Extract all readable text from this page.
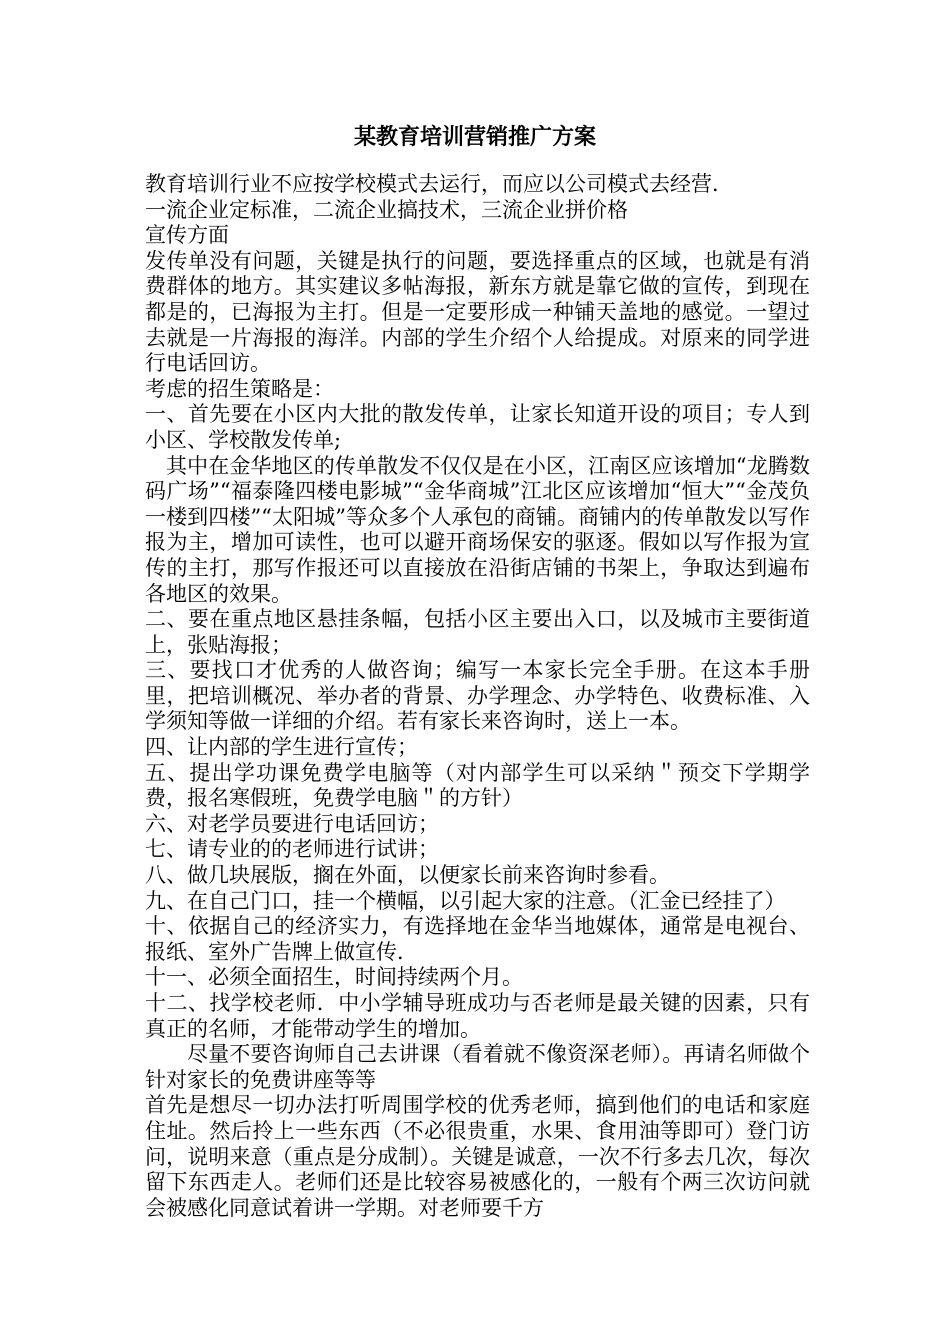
某教育培训营销推广方案

教育培训行业不应按学校模式去运行，而应以公司模式去经营．

一流企业定标准，二流企业搞技术，三流企业拼价格

宣传方面

发传单没有问题，关键是执行的问题，要选择重点的区域，也就是有消费群体的地方。其实建议多帖海报，新东方就是靠它做的宣传，到现在都是的，已海报为主打。但是一定要形成一种铺天盖地的感觉。一望过去就是一片海报的海洋。内部的学生介绍个人给提成。对原来的同学进行电话回访。

考虑的招生策略是：

一、首先要在小区内大批的散发传单，让家长知道开设的项目；专人到小区、学校散发传单;

其中在金华地区的传单散发不仅仅是在小区，江南区应该增加“龙腾数码广场”“福泰隆四楼电影城”“金华商城”江北区应该增加“恒大”“金茂负一楼到四楼”“太阳城”等众多个人承包的商铺。商铺内的传单散发以写作报为主，增加可读性，也可以避开商场保安的驱逐。假如以写作报为宣传的主打，那写作报还可以直接放在沿街店铺的书架上，争取达到遍布各地区的效果。

二、要在重点地区悬挂条幅，包括小区主要出入口，以及城市主要街道上，张贴海报；

三、要找口才优秀的人做咨询；编写一本家长完全手册。在这本手册里，把培训概况、举办者的背景、办学理念、办学特色、收费标准、入学须知等做一详细的介绍。若有家长来咨询时，送上一本。

四、让内部的学生进行宣传；

五、提出学功课免费学电脑等（对内部学生可以采纳＂预交下学期学费，报名寒假班，免费学电脑＂的方针）

六、对老学员要进行电话回访；

七、请专业的的老师进行试讲；

八、做几块展版，搁在外面，以便家长前来咨询时参看。

九、在自己门口，挂一个横幅，以引起大家的注意。（汇金已经挂了）

十、依据自己的经济实力，有选择地在金华当地媒体，通常是电视台、报纸、室外广告牌上做宣传．

十一、必须全面招生，时间持续两个月。

十二、找学校老师．中小学辅导班成功与否老师是最关键的因素，只有真正的名师，才能带动学生的增加。

尽量不要咨询师自己去讲课（看着就不像资深老师）。再请名师做个针对家长的免费讲座等等

首先是想尽一切办法打听周围学校的优秀老师，搞到他们的电话和家庭住址。然后拎上一些东西（不必很贵重，水果、食用油等即可）登门访问，说明来意（重点是分成制）。关键是诚意，一次不行多去几次，每次留下东西走人。老师们还是比较容易被感化的，一般有个两三次访问就会被感化同意试着讲一学期。对老师要千方
